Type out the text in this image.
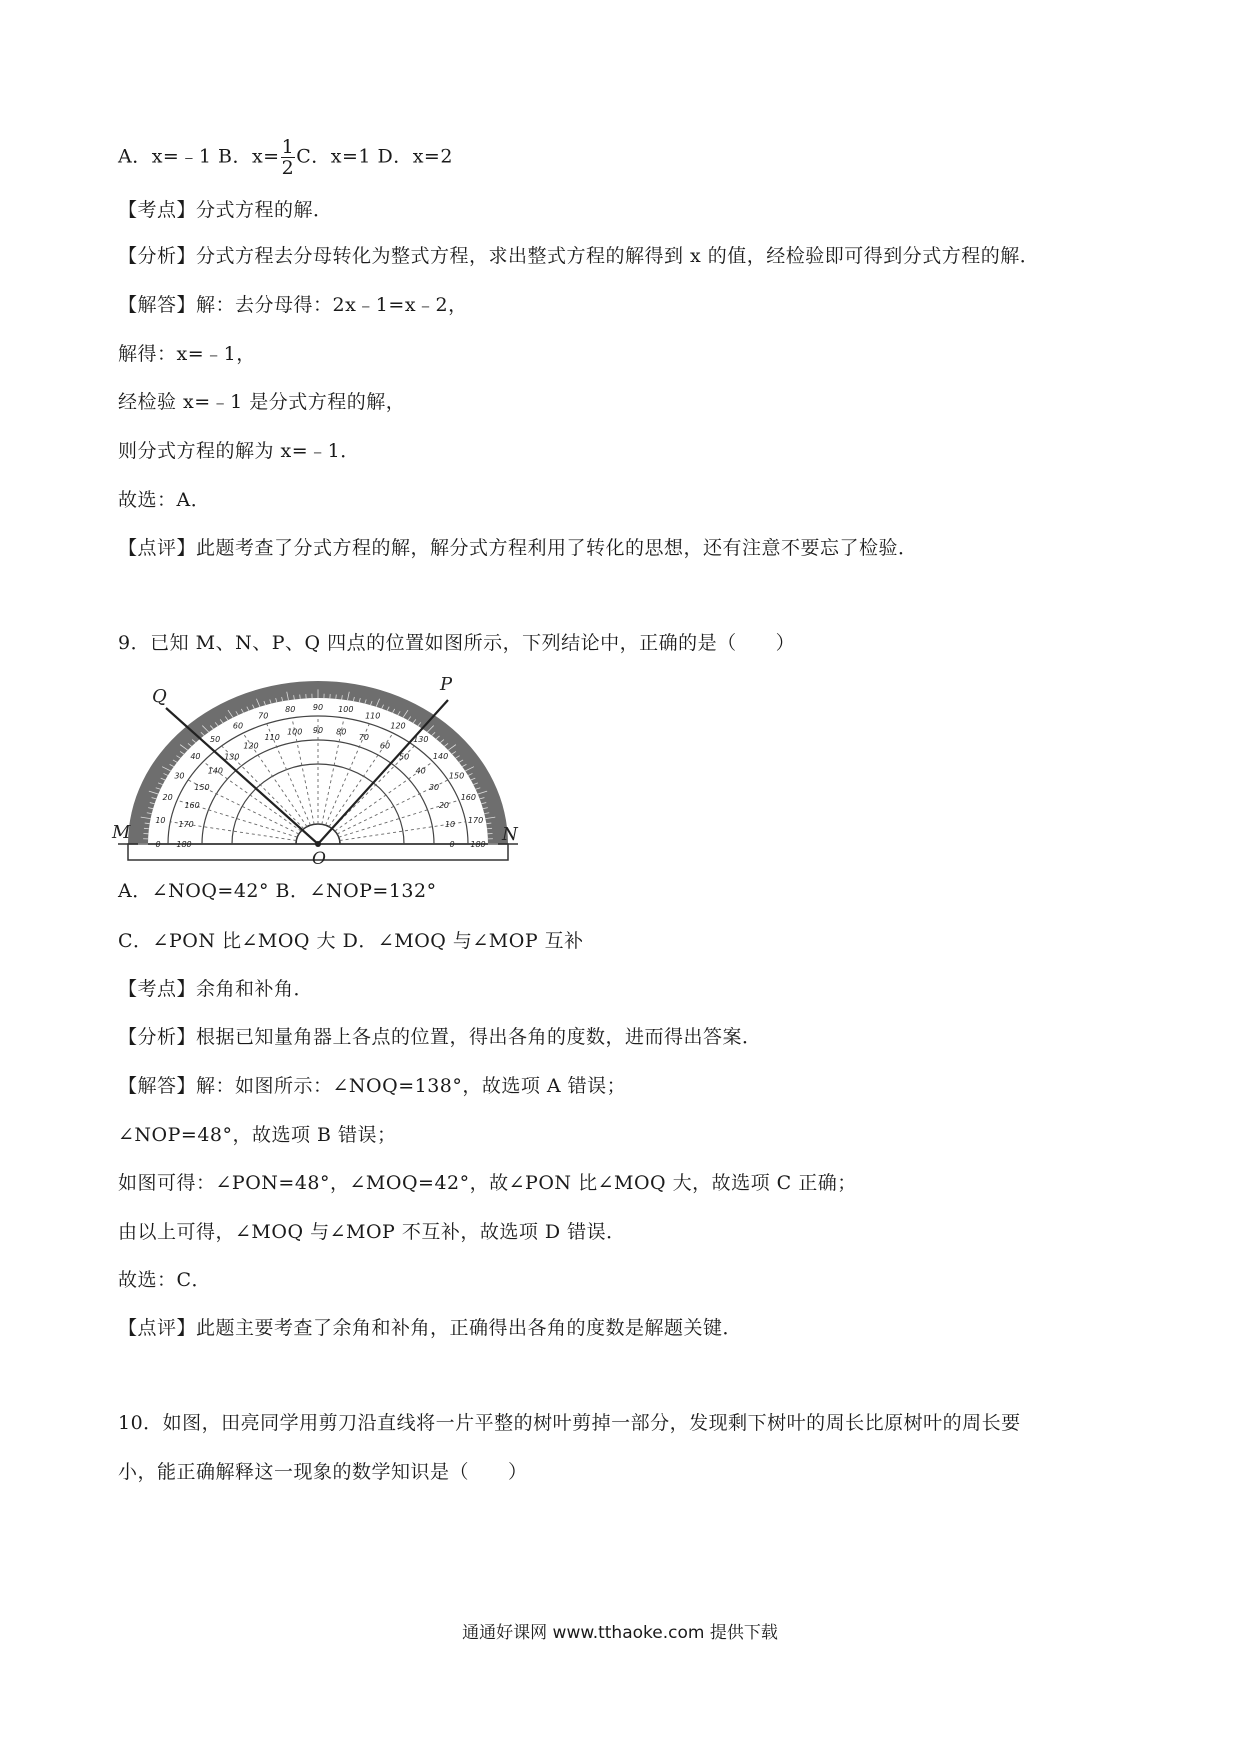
A．x=﹣1 B．$x= \frac{1}{2}$ C．x=1 D．x=2
【考点】分式方程的解．
【分析】分式方程去分母转化为整式方程，求出整式方程的解得到 x 的值，经检验即可得到分式方程的解．
【解答】解：去分母得：2x﹣1=x﹣2，
解得：x=﹣1，
经检验 x=﹣1 是分式方程的解，
则分式方程的解为 x=﹣1．
故选：A．
【点评】此题考查了分式方程的解，解分式方程利用了转化的思想，还有注意不要忘了检验．
9．已知 M、N、P、Q 四点的位置如图所示，下列结论中，正确的是（　　）
0
10
20
30
40
50
60
70
80 90 100
110
120
130
140
150
160
170
180
180
170
160
150
140
130
120
110
100 90 80
70
60
50
40
30
20
10
0
M	N
Q
P
O
A．∠NOQ=42° B．∠NOP=132°
C．∠PON 比∠MOQ 大 D．∠MOQ 与∠MOP 互补
【考点】余角和补角．
【分析】根据已知量角器上各点的位置，得出各角的度数，进而得出答案．
【解答】解：如图所示：∠NOQ=138°，故选项 A 错误；
∠NOP=48°，故选项 B 错误；
如图可得：∠PON=48°，∠MOQ=42°，故∠PON 比∠MOQ 大，故选项 C 正确；
由以上可得，∠MOQ 与∠MOP 不互补，故选项 D 错误．
故选：C．
【点评】此题主要考查了余角和补角，正确得出各角的度数是解题关键．
10．如图，田亮同学用剪刀沿直线将一片平整的树叶剪掉一部分，发现剩下树叶的周长比原树叶的周长要
小，能正确解释这一现象的数学知识是（　　）
通通好课网 www.tthaoke.com 提供下载
